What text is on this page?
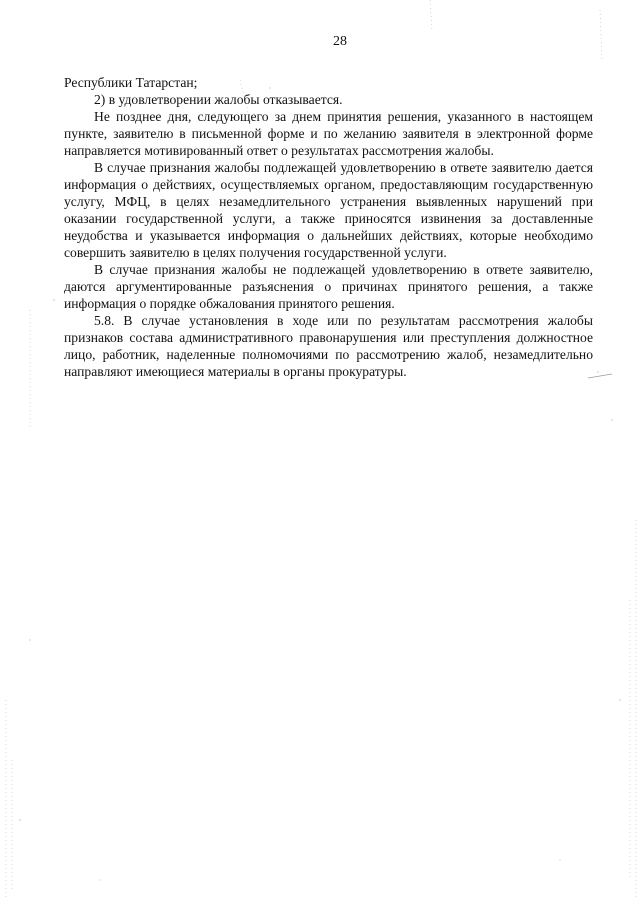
28

Республики Татарстан;

2) в удовлетворении жалобы отказывается.

Не позднее дня, следующего за днем принятия решения, указанного в настоящем пункте, заявителю в письменной форме и по желанию заявителя в электронной форме направляется мотивированный ответ о результатах рассмотрения жалобы.

В случае признания жалобы подлежащей удовлетворению в ответе заявителю дается информация о действиях, осуществляемых органом, предоставляющим государственную услугу, МФЦ, в целях незамедлительного устранения выявленных нарушений при оказании государственной услуги, а также приносятся извинения за доставленные неудобства и указывается информация о дальнейших действиях, которые необходимо совершить заявителю в целях получения государственной услуги.

В случае признания жалобы не подлежащей удовлетворению в ответе заявителю, даются аргументированные разъяснения о причинах принятого решения, а также информация о порядке обжалования принятого решения.

5.8. В случае установления в ходе или по результатам рассмотрения жалобы признаков состава административного правонарушения или преступления должностное лицо, работник, наделенные полномочиями по рассмотрению жалоб, незамедлительно направляют имеющиеся материалы в органы прокуратуры.
